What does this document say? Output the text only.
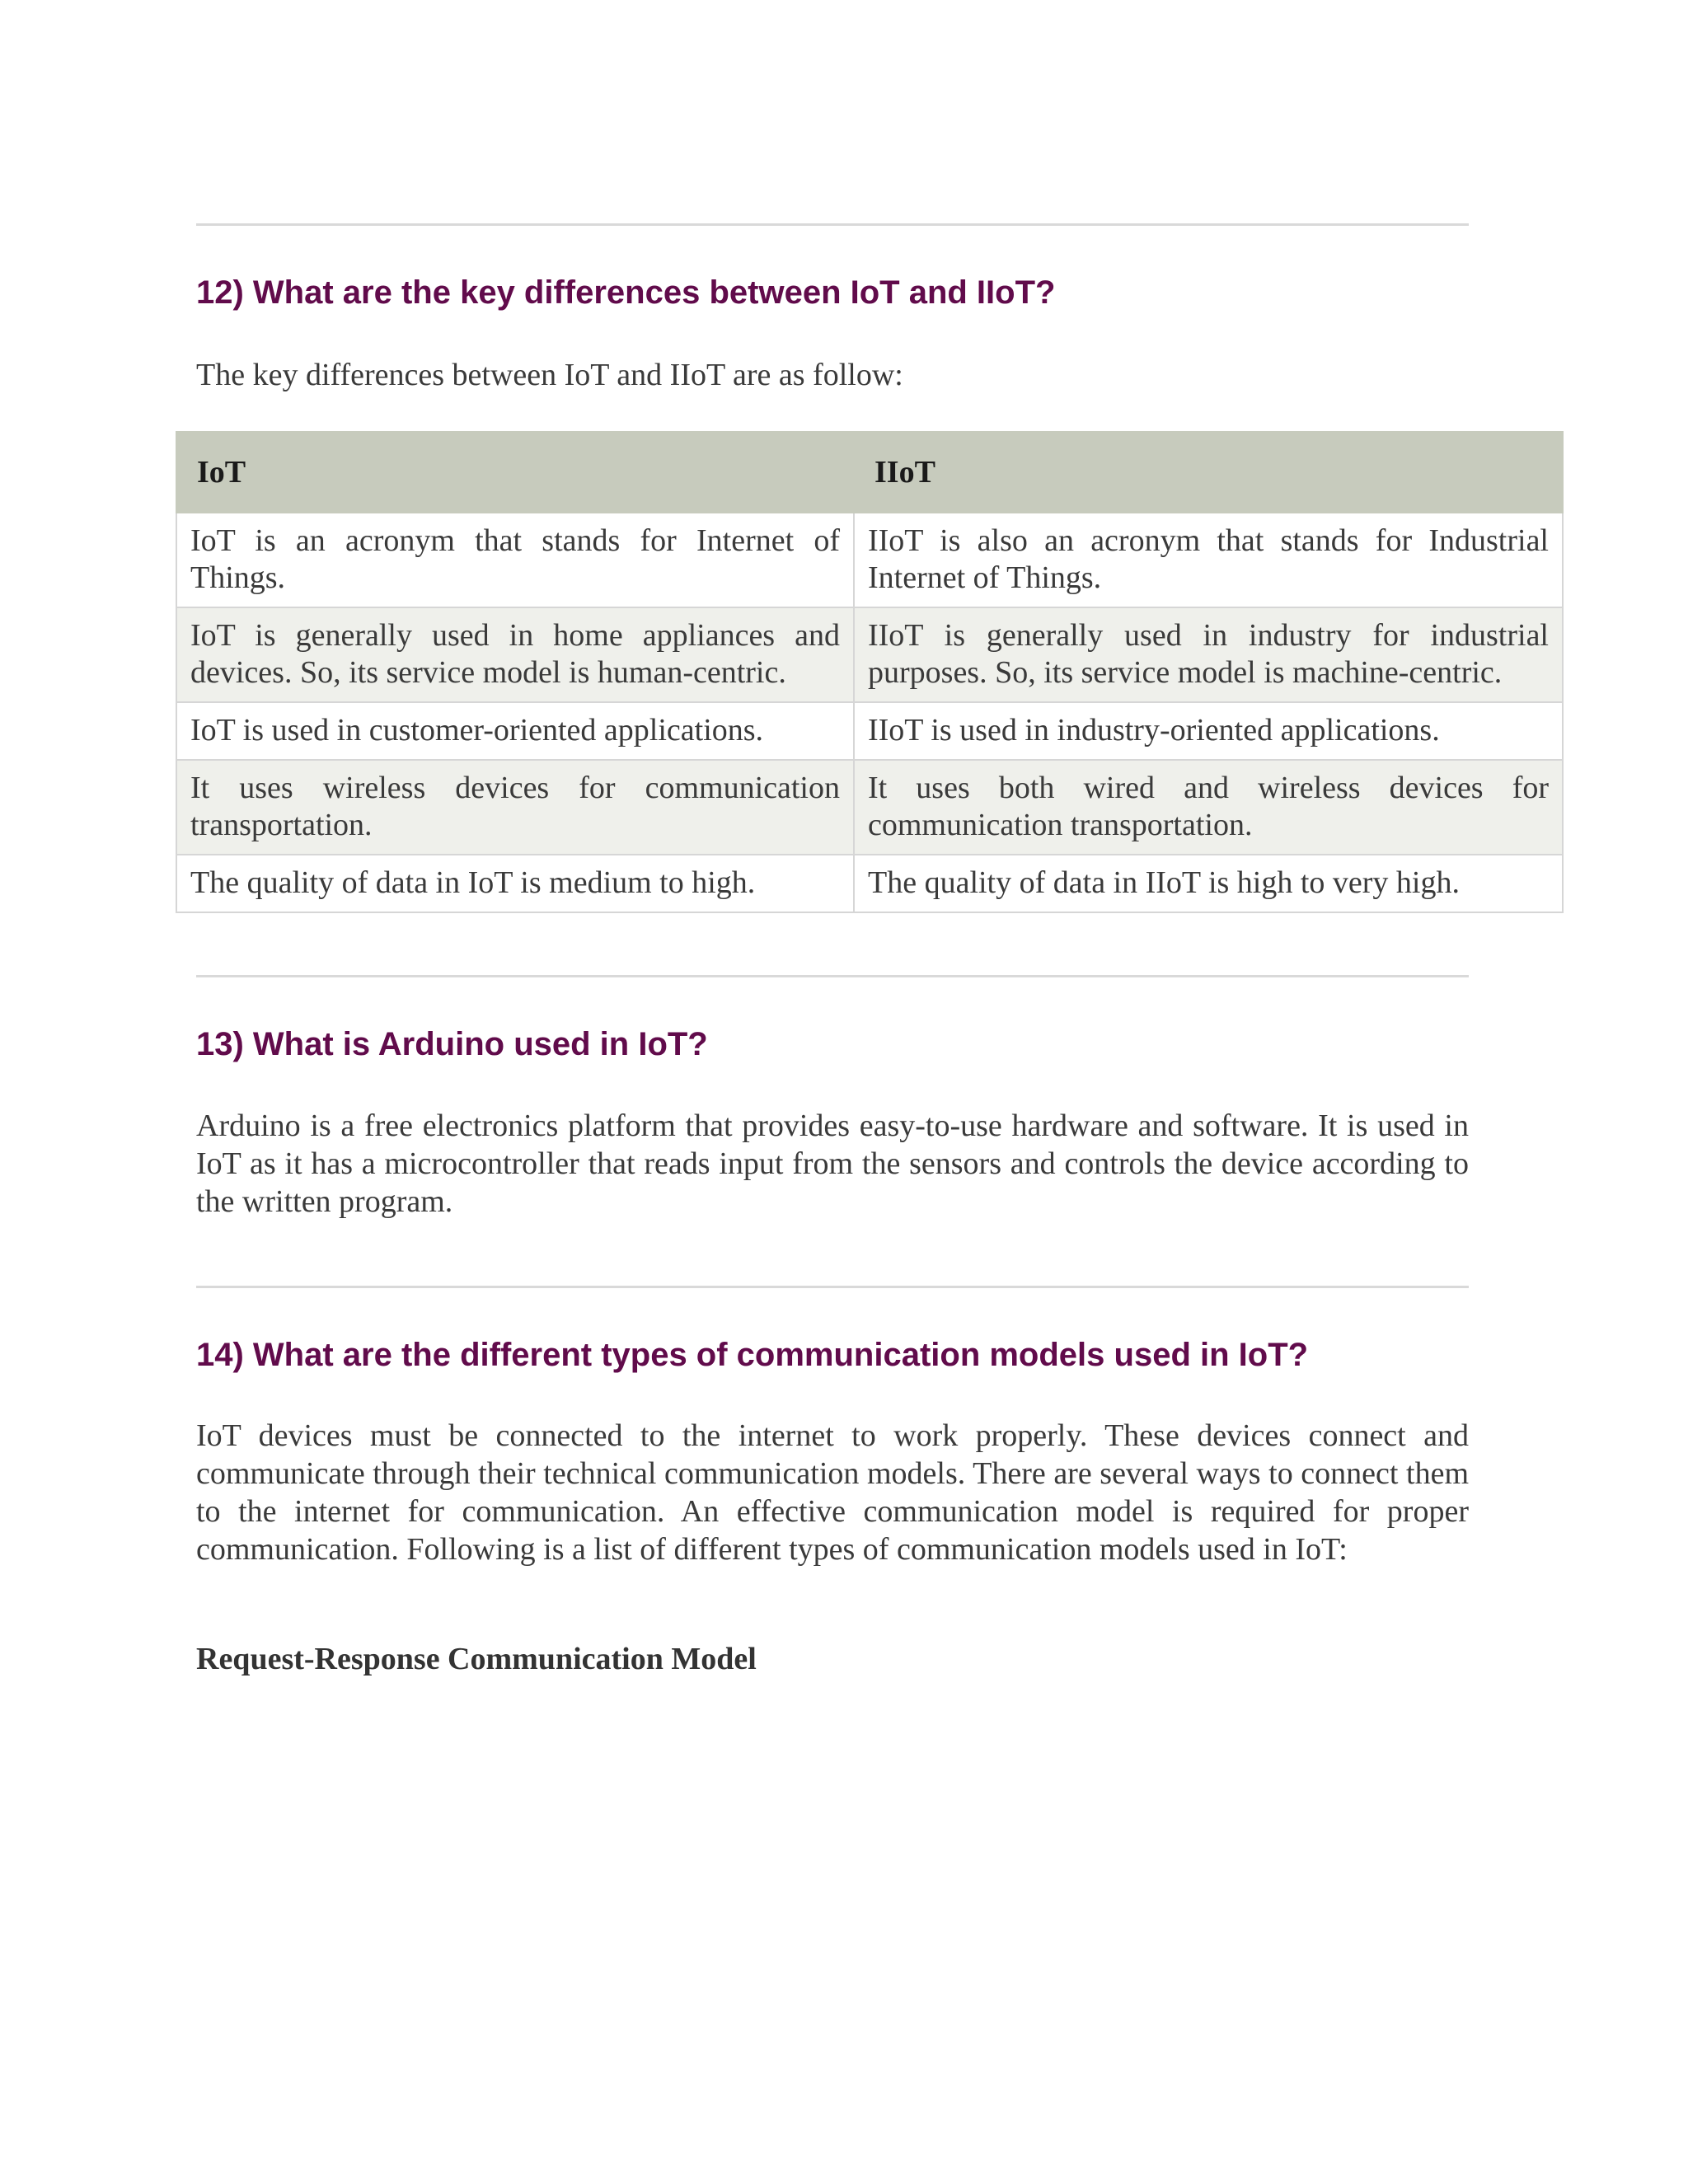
12) What are the key differences between IoT and IIoT?

The key differences between IoT and IIoT are as follow:

IoT	IIoT
IoT is an acronym that stands for Internet of Things.	IIoT is also an acronym that stands for Industrial Internet of Things.
IoT is generally used in home appliances and devices. So, its service model is human-centric.	IIoT is generally used in industry for industrial purposes. So, its service model is machine-centric.
IoT is used in customer-oriented applications.	IIoT is used in industry-oriented applications.
It uses wireless devices for communication transportation.	It uses both wired and wireless devices for communication transportation.
The quality of data in IoT is medium to high.	The quality of data in IIoT is high to very high.
13) What is Arduino used in IoT?

Arduino is a free electronics platform that provides easy-to-use hardware and software. It is used in IoT as it has a microcontroller that reads input from the sensors and controls the device according to the written program.

14) What are the different types of communication models used in IoT?

IoT devices must be connected to the internet to work properly. These devices connect and communicate through their technical communication models. There are several ways to connect them to the internet for communication. An effective communication model is required for proper communication. Following is a list of different types of communication models used in IoT:

Request-Response Communication Model
